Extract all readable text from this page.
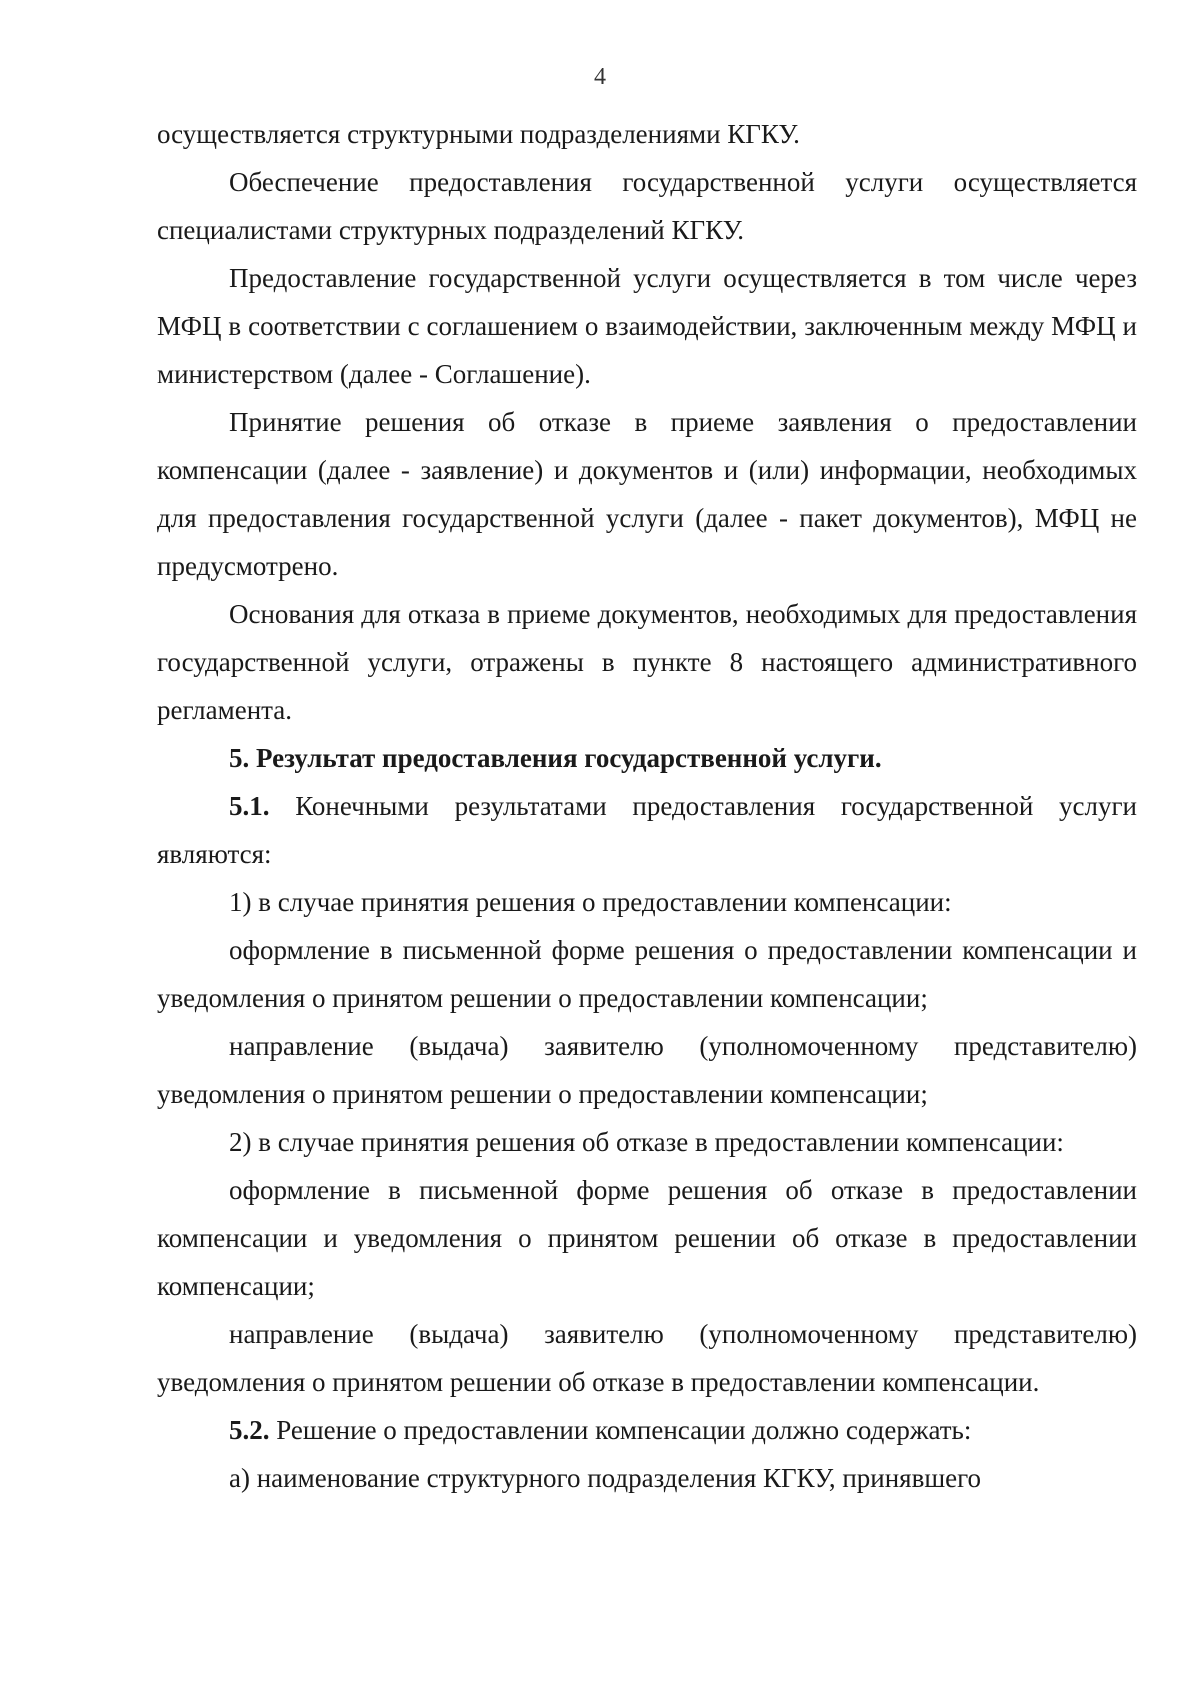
4

осуществляется структурными подразделениями КГКУ.

Обеспечение предоставления государственной услуги осуществляется специалистами структурных подразделений КГКУ.

Предоставление государственной услуги осуществляется в том числе через МФЦ в соответствии с соглашением о взаимодействии, заключенным между МФЦ и министерством (далее - Соглашение).

Принятие решения об отказе в приеме заявления о предоставлении компенсации (далее - заявление) и документов и (или) информации, необходимых для предоставления государственной услуги (далее - пакет документов), МФЦ не предусмотрено.

Основания для отказа в приеме документов, необходимых для предоставления государственной услуги, отражены в пункте 8 настоящего административного регламента.

5. Результат предоставления государственной услуги.

5.1. Конечными результатами предоставления государственной услуги являются:

1) в случае принятия решения о предоставлении компенсации:

оформление в письменной форме решения о предоставлении компенсации и уведомления о принятом решении о предоставлении компенсации;

направление (выдача) заявителю (уполномоченному представителю) уведомления о принятом решении о предоставлении компенсации;

2) в случае принятия решения об отказе в предоставлении компенсации:

оформление в письменной форме решения об отказе в предоставлении компенсации и уведомления о принятом решении об отказе в предоставлении компенсации;

направление (выдача) заявителю (уполномоченному представителю) уведомления о принятом решении об отказе в предоставлении компенсации.

5.2. Решение о предоставлении компенсации должно содержать:

а) наименование структурного подразделения КГКУ, принявшего
